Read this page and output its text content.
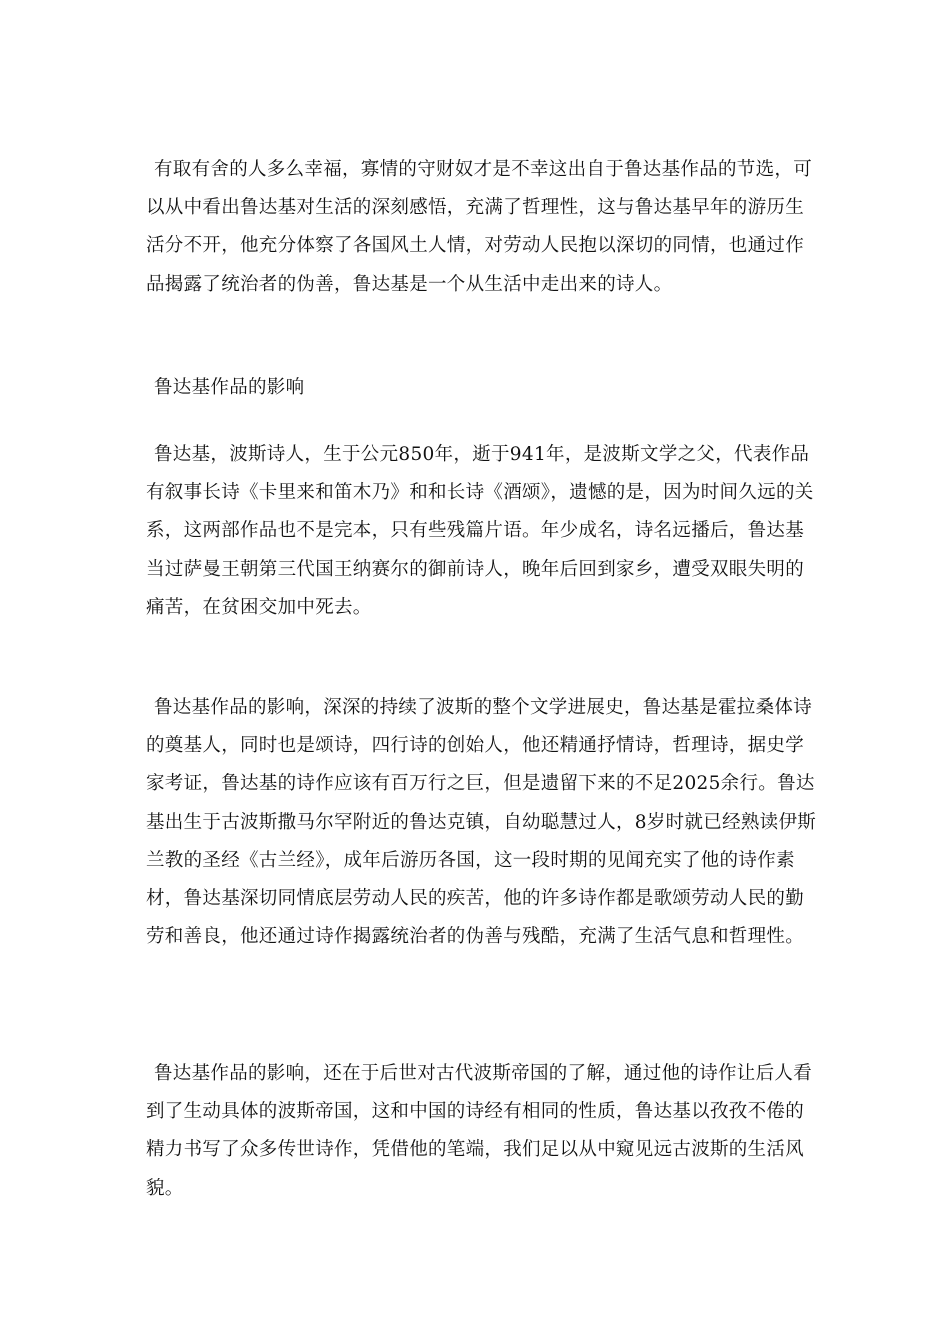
有取有舍的人多么幸福，寡情的守财奴才是不幸这出自于鲁达基作品的节选，可以从中看出鲁达基对生活的深刻感悟，充满了哲理性，这与鲁达基早年的游历生活分不开，他充分体察了各国风土人情，对劳动人民抱以深切的同情，也通过作品揭露了统治者的伪善，鲁达基是一个从生活中走出来的诗人。

鲁达基作品的影响

鲁达基，波斯诗人，生于公元850年，逝于941年，是波斯文学之父，代表作品有叙事长诗《卡里来和笛木乃》和和长诗《酒颂》，遗憾的是，因为时间久远的关系，这两部作品也不是完本，只有些残篇片语。年少成名，诗名远播后，鲁达基当过萨曼王朝第三代国王纳赛尔的御前诗人，晚年后回到家乡，遭受双眼失明的痛苦，在贫困交加中死去。

鲁达基作品的影响，深深的持续了波斯的整个文学进展史，鲁达基是霍拉桑体诗的奠基人，同时也是颂诗，四行诗的创始人，他还精通抒情诗，哲理诗，据史学家考证，鲁达基的诗作应该有百万行之巨，但是遗留下来的不足2025余行。鲁达基出生于古波斯撒马尔罕附近的鲁达克镇，自幼聪慧过人，8岁时就已经熟读伊斯兰教的圣经《古兰经》，成年后游历各国，这一段时期的见闻充实了他的诗作素材，鲁达基深切同情底层劳动人民的疾苦，他的许多诗作都是歌颂劳动人民的勤劳和善良，他还通过诗作揭露统治者的伪善与残酷，充满了生活气息和哲理性。

鲁达基作品的影响，还在于后世对古代波斯帝国的了解，通过他的诗作让后人看到了生动具体的波斯帝国，这和中国的诗经有相同的性质，鲁达基以孜孜不倦的精力书写了众多传世诗作，凭借他的笔端，我们足以从中窥见远古波斯的生活风貌。
